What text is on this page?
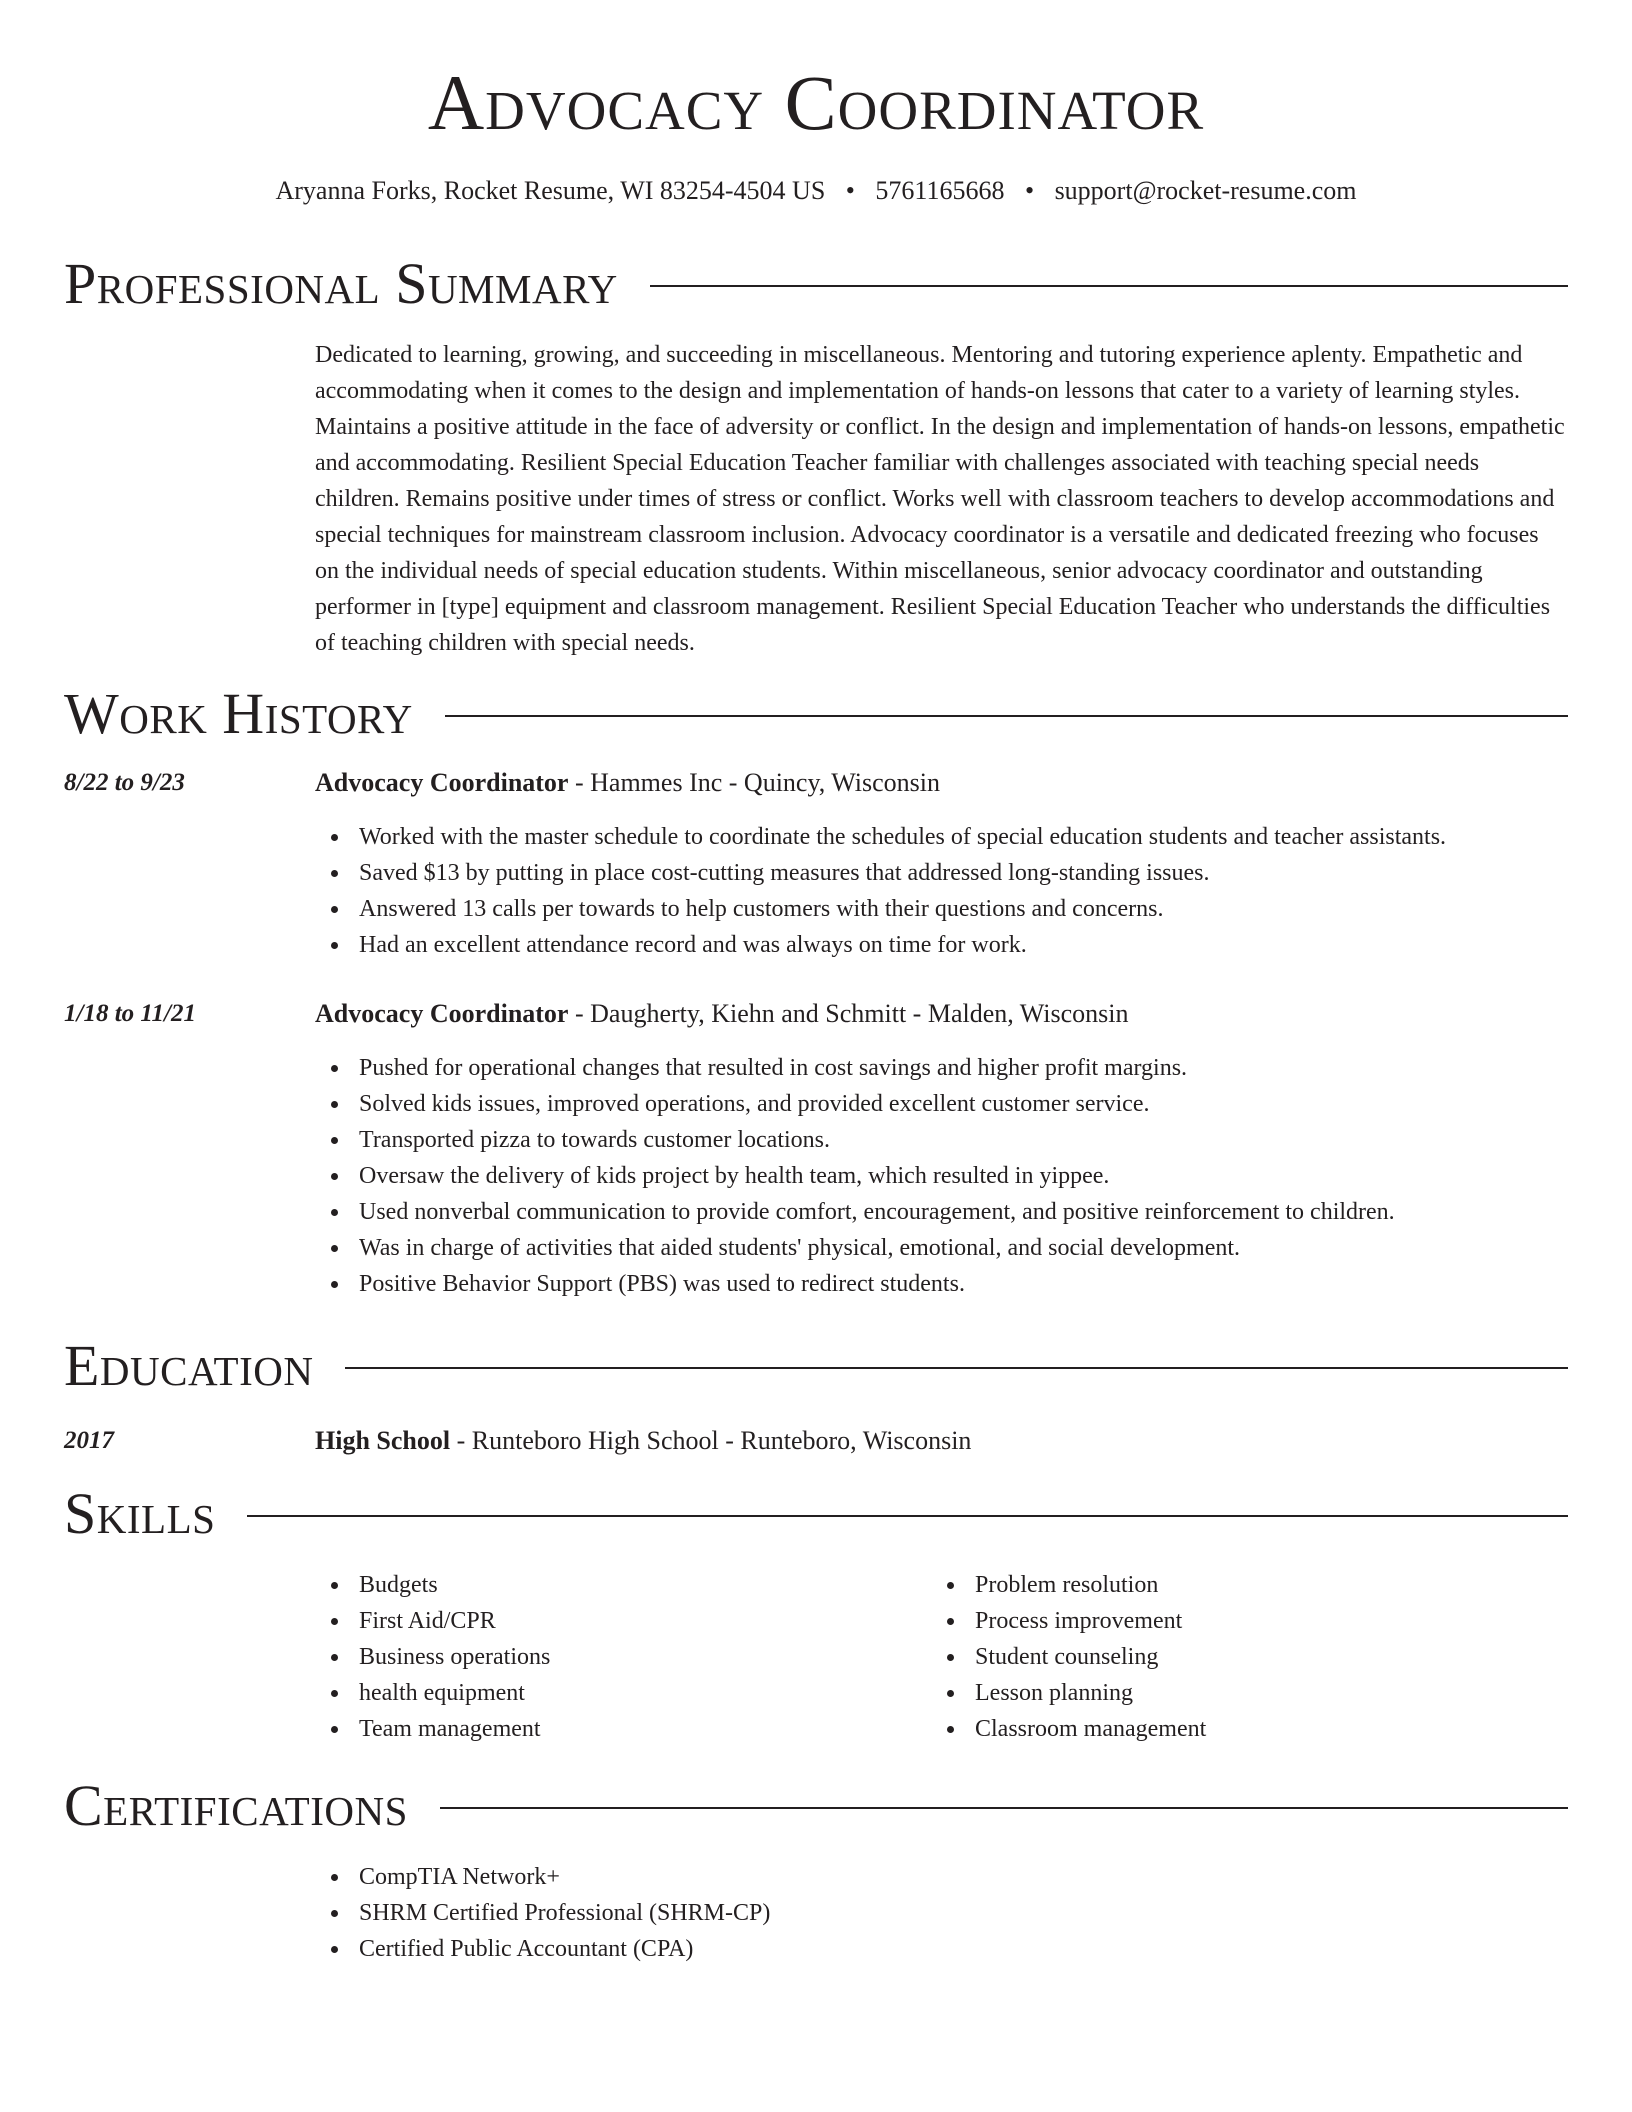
Advocacy Coordinator
Aryanna Forks, Rocket Resume, WI 83254-4504 US • 5761165668 • support@rocket-resume.com
Professional Summary
Dedicated to learning, growing, and succeeding in miscellaneous. Mentoring and tutoring experience aplenty. Empathetic and accommodating when it comes to the design and implementation of hands-on lessons that cater to a variety of learning styles. Maintains a positive attitude in the face of adversity or conflict. In the design and implementation of hands-on lessons, empathetic and accommodating. Resilient Special Education Teacher familiar with challenges associated with teaching special needs children. Remains positive under times of stress or conflict. Works well with classroom teachers to develop accommodations and special techniques for mainstream classroom inclusion. Advocacy coordinator is a versatile and dedicated freezing who focuses on the individual needs of special education students. Within miscellaneous, senior advocacy coordinator and outstanding performer in [type] equipment and classroom management. Resilient Special Education Teacher who understands the difficulties of teaching children with special needs.
Work History
8/22 to 9/23	Advocacy Coordinator - Hammes Inc - Quincy, Wisconsin
Worked with the master schedule to coordinate the schedules of special education students and teacher assistants.
Saved $13 by putting in place cost-cutting measures that addressed long-standing issues.
Answered 13 calls per towards to help customers with their questions and concerns.
Had an excellent attendance record and was always on time for work.
1/18 to 11/21	Advocacy Coordinator - Daugherty, Kiehn and Schmitt - Malden, Wisconsin
Pushed for operational changes that resulted in cost savings and higher profit margins.
Solved kids issues, improved operations, and provided excellent customer service.
Transported pizza to towards customer locations.
Oversaw the delivery of kids project by health team, which resulted in yippee.
Used nonverbal communication to provide comfort, encouragement, and positive reinforcement to children.
Was in charge of activities that aided students' physical, emotional, and social development.
Positive Behavior Support (PBS) was used to redirect students.
Education
2017	High School - Runteboro High School - Runteboro, Wisconsin
Skills
Budgets
First Aid/CPR
Business operations
health equipment
Team management
Problem resolution
Process improvement
Student counseling
Lesson planning
Classroom management
Certifications
CompTIA Network+
SHRM Certified Professional (SHRM-CP)
Certified Public Accountant (CPA)
